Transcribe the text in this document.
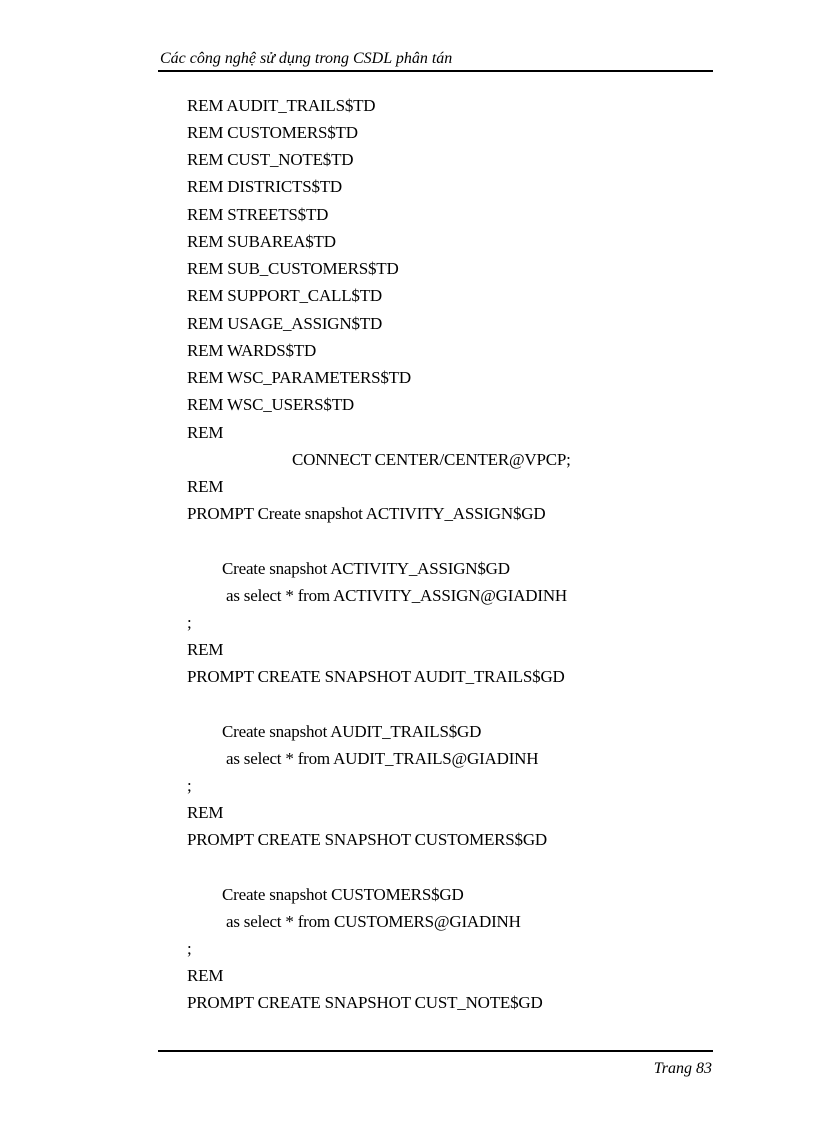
Các công nghệ sử dụng trong CSDL phân tán
REM AUDIT_TRAILS$TD
REM CUSTOMERS$TD
REM CUST_NOTE$TD
REM DISTRICTS$TD
REM STREETS$TD
REM SUBAREA$TD
REM SUB_CUSTOMERS$TD
REM SUPPORT_CALL$TD
REM USAGE_ASSIGN$TD
REM WARDS$TD
REM WSC_PARAMETERS$TD
REM WSC_USERS$TD
REM
CONNECT CENTER/CENTER@VPCP;
REM
PROMPT Create snapshot ACTIVITY_ASSIGN$GD
Create snapshot ACTIVITY_ASSIGN$GD
as select * from ACTIVITY_ASSIGN@GIADINH
;
REM
PROMPT CREATE SNAPSHOT AUDIT_TRAILS$GD
Create snapshot AUDIT_TRAILS$GD
as select * from AUDIT_TRAILS@GIADINH
;
REM
PROMPT CREATE SNAPSHOT CUSTOMERS$GD
Create snapshot CUSTOMERS$GD
as select * from CUSTOMERS@GIADINH
;
REM
PROMPT CREATE SNAPSHOT CUST_NOTE$GD
Trang 83
